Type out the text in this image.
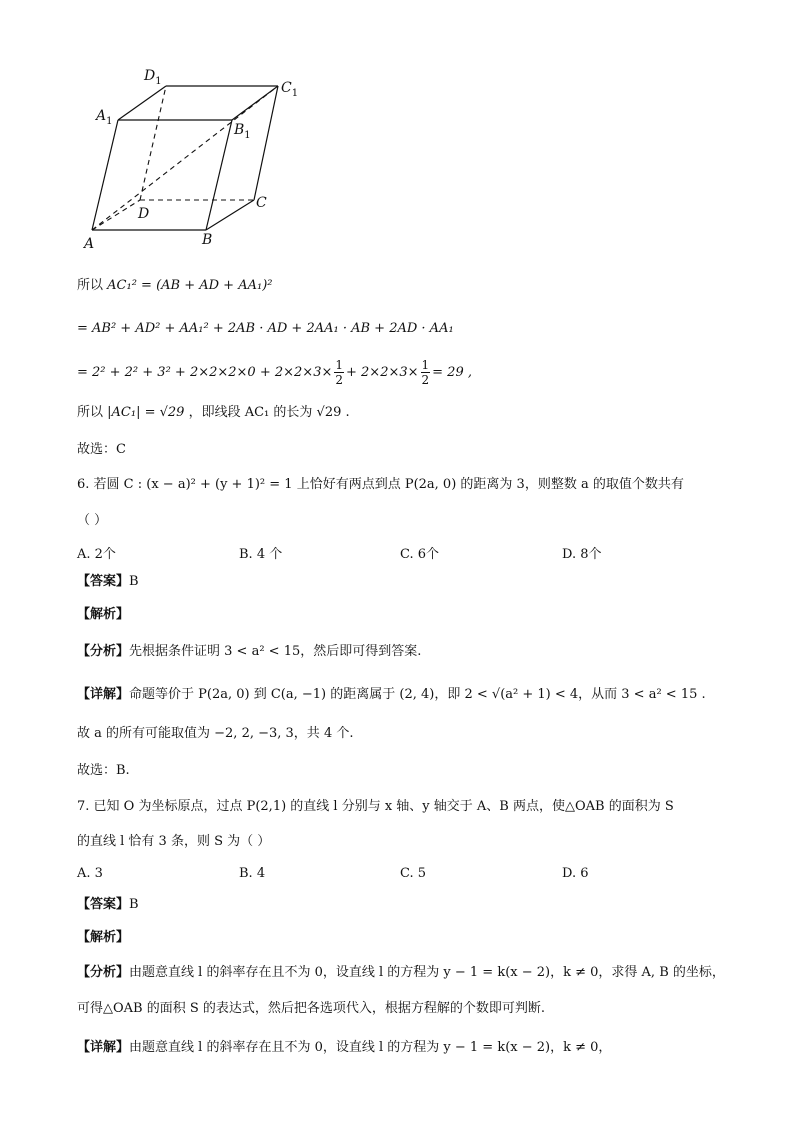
$D_1$	$C_1$
$A_1$
$B_1$
D
C
A	B
所以 AC₁² = (AB + AD + AA₁)²
= AB² + AD² + AA₁² + 2AB · AD + 2AA₁ · AB + 2AD · AA₁
= $2^2 + 2^2 + 3^2 + 2\times 2\times 2\times 0 + 2\times 2\times 3\times \frac{1}{2} + 2\times 2\times 3\times \frac{1}{2} = 29$ ,
所以 |AC₁| = √29 ，即线段 AC₁ 的长为 √29 .
故选：C
6. 若圆 C : (x − a)² + (y + 1)² = 1 上恰好有两点到点 P(2a, 0) 的距离为 3，则整数 a 的取值个数共有
（ ）
A. 2个	B. 4 个	C. 6个	D. 8个
【答案】B
【解析】
【分析】先根据条件证明 3 < a² < 15，然后即可得到答案.
【详解】命题等价于 P(2a, 0) 到 C(a, −1) 的距离属于 (2, 4)，即 2 < √(a² + 1) < 4，从而 3 < a² < 15 .
故 a 的所有可能取值为 −2, 2, −3, 3，共 4 个.
故选：B.
7. 已知 O 为坐标原点，过点 P(2,1) 的直线 l 分别与 x 轴、y 轴交于 A、B 两点，使△OAB 的面积为 S
的直线 l 恰有 3 条，则 S 为（ ）
A. 3	B. 4	C. 5	D. 6
【答案】B
【解析】
【分析】由题意直线 l 的斜率存在且不为 0，设直线 l 的方程为 y − 1 = k(x − 2)，k ≠ 0，求得 A, B 的坐标，
可得△OAB 的面积 S 的表达式，然后把各选项代入，根据方程解的个数即可判断.
【详解】由题意直线 l 的斜率存在且不为 0，设直线 l 的方程为 y − 1 = k(x − 2)，k ≠ 0，
